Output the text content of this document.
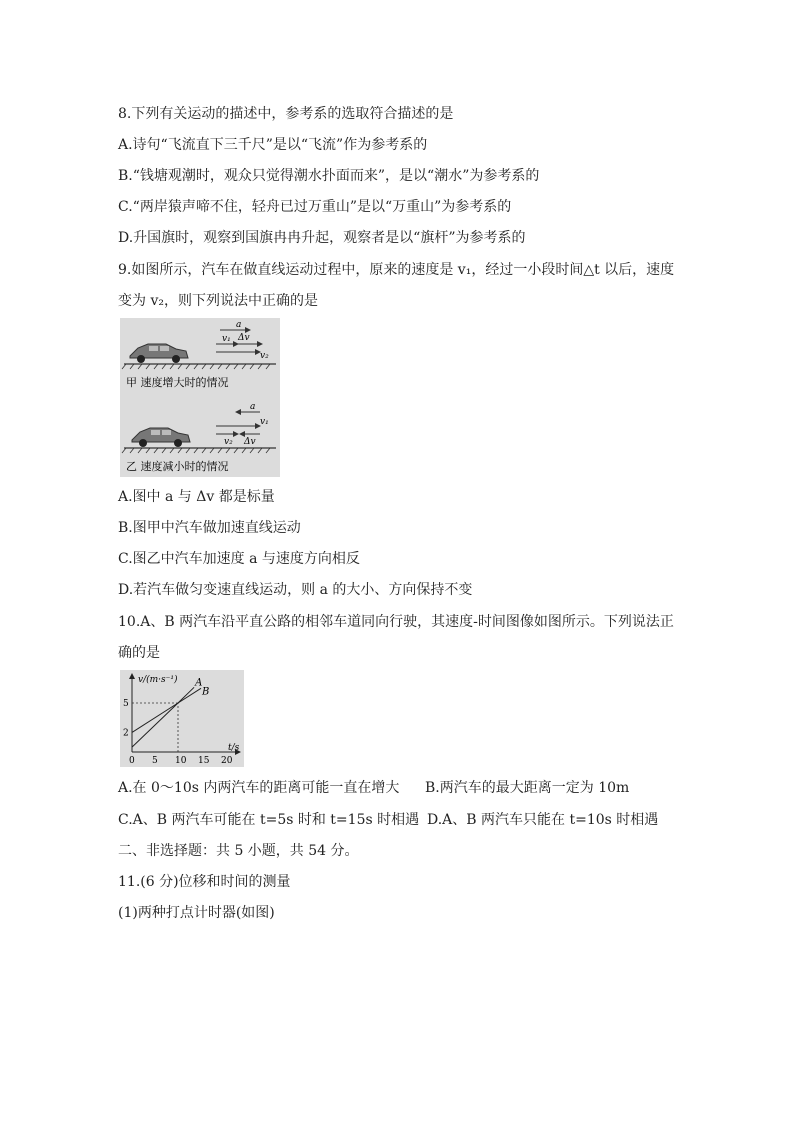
8.下列有关运动的描述中，参考系的选取符合描述的是
A.诗句“飞流直下三千尺”是以“飞流”作为参考系的
B.“钱塘观潮时，观众只觉得潮水扑面而来”，是以“潮水”为参考系的
C.“两岸猿声啼不住，轻舟已过万重山”是以“万重山”为参考系的
D.升国旗时，观察到国旗冉冉升起，观察者是以“旗杆”为参考系的
9.如图所示，汽车在做直线运动过程中，原来的速度是 v₁，经过一小段时间△t 以后，速度
变为 v₂，则下列说法中正确的是
a
v₁ Δv
v₂
甲 速度增大时的情况
a
v₁
v₂ Δv
乙 速度减小时的情况
A.图中 a 与 Δv 都是标量
B.图甲中汽车做加速直线运动
C.图乙中汽车加速度 a 与速度方向相反
D.若汽车做匀变速直线运动，则 a 的大小、方向保持不变
10.A、B 两汽车沿平直公路的相邻车道同向行驶，其速度-时间图像如图所示。下列说法正
确的是
v/(m·s⁻¹)
t/s
0 5 10 15 20
2
5
A
B
A.在 0～10s 内两汽车的距离可能一直在增大 B.两汽车的最大距离一定为 10m
C.A、B 两汽车可能在 t=5s 时和 t=15s 时相遇 D.A、B 两汽车只能在 t=10s 时相遇
二、非选择题：共 5 小题，共 54 分。
11.(6 分)位移和时间的测量
(1)两种打点计时器(如图)
